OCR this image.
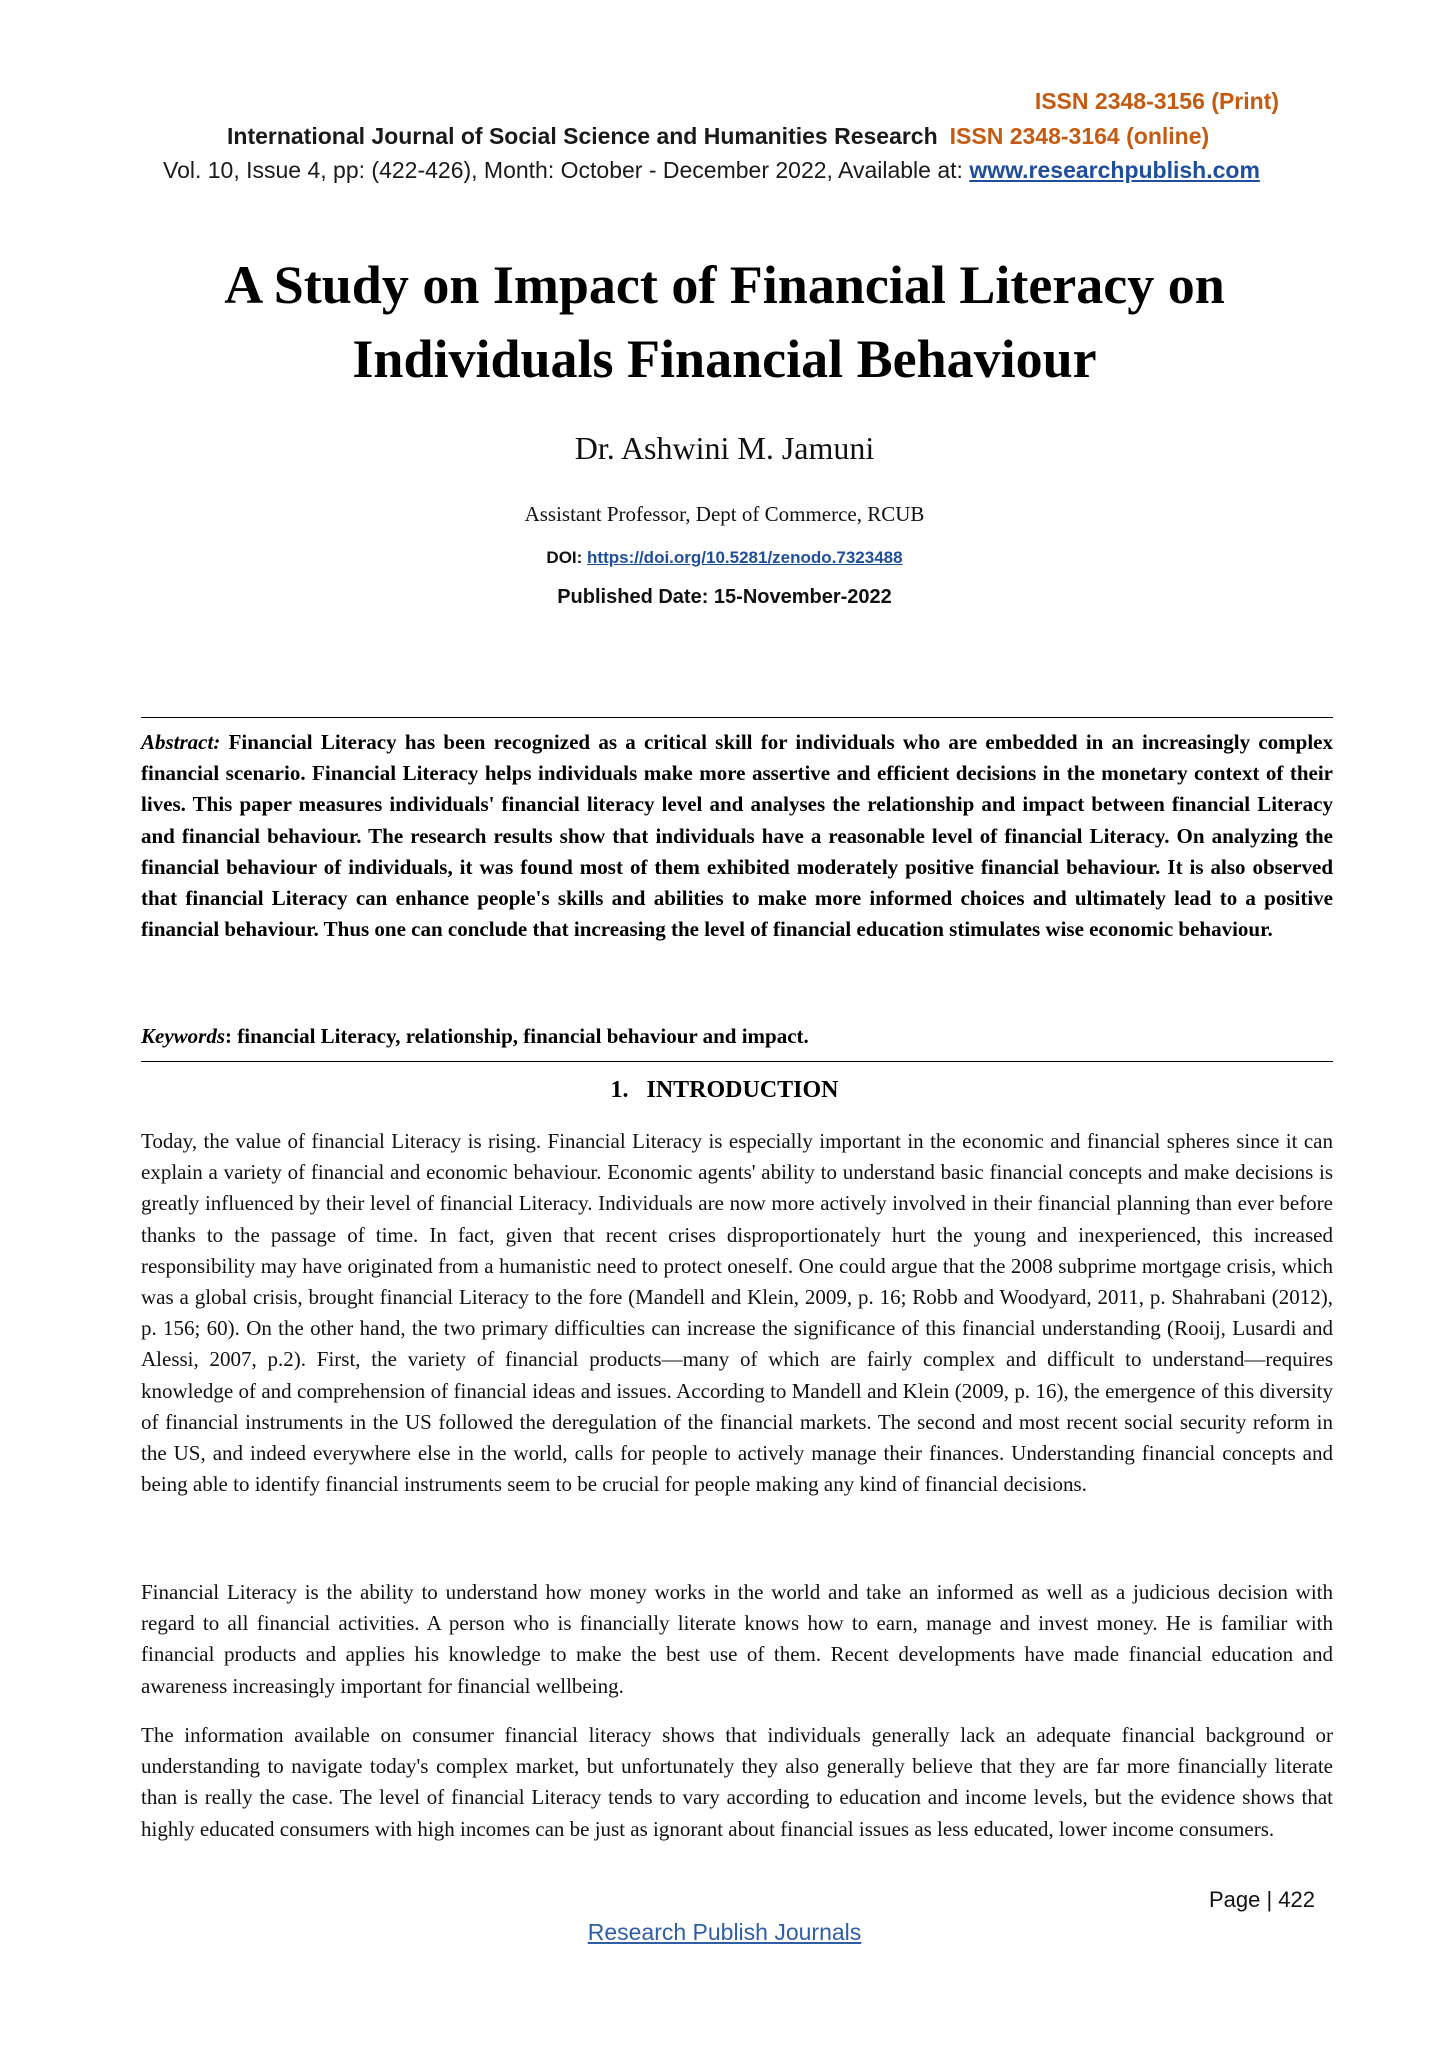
ISSN 2348-3156 (Print)
International Journal of Social Science and Humanities Research ISSN 2348-3164 (online)
Vol. 10, Issue 4, pp: (422-426), Month: October - December 2022, Available at: www.researchpublish.com
A Study on Impact of Financial Literacy on
Individuals Financial Behaviour
Dr. Ashwini M. Jamuni
Assistant Professor, Dept of Commerce, RCUB
DOI: https://doi.org/10.5281/zenodo.7323488
Published Date: 15-November-2022
Abstract: Financial Literacy has been recognized as a critical skill for individuals who are embedded in an increasingly complex financial scenario. Financial Literacy helps individuals make more assertive and efficient decisions in the monetary context of their lives. This paper measures individuals' financial literacy level and analyses the relationship and impact between financial Literacy and financial behaviour. The research results show that individuals have a reasonable level of financial Literacy. On analyzing the financial behaviour of individuals, it was found most of them exhibited moderately positive financial behaviour. It is also observed that financial Literacy can enhance people's skills and abilities to make more informed choices and ultimately lead to a positive financial behaviour. Thus one can conclude that increasing the level of financial education stimulates wise economic behaviour.
Keywords: financial Literacy, relationship, financial behaviour and impact.
1.   INTRODUCTION

Today, the value of financial Literacy is rising. Financial Literacy is especially important in the economic and financial spheres since it can explain a variety of financial and economic behaviour. Economic agents' ability to understand basic financial concepts and make decisions is greatly influenced by their level of financial Literacy. Individuals are now more actively involved in their financial planning than ever before thanks to the passage of time. In fact, given that recent crises disproportionately hurt the young and inexperienced, this increased responsibility may have originated from a humanistic need to protect oneself. One could argue that the 2008 subprime mortgage crisis, which was a global crisis, brought financial Literacy to the fore (Mandell and Klein, 2009, p. 16; Robb and Woodyard, 2011, p. Shahrabani (2012), p. 156; 60). On the other hand, the two primary difficulties can increase the significance of this financial understanding (Rooij, Lusardi and Alessi, 2007, p.2). First, the variety of financial products—many of which are fairly complex and difficult to understand—requires knowledge of and comprehension of financial ideas and issues. According to Mandell and Klein (2009, p. 16), the emergence of this diversity of financial instruments in the US followed the deregulation of the financial markets. The second and most recent social security reform in the US, and indeed everywhere else in the world, calls for people to actively manage their finances. Understanding financial concepts and being able to identify financial instruments seem to be crucial for people making any kind of financial decisions.

Financial Literacy is the ability to understand how money works in the world and take an informed as well as a judicious decision with regard to all financial activities. A person who is financially literate knows how to earn, manage and invest money. He is familiar with financial products and applies his knowledge to make the best use of them. Recent developments have made financial education and awareness increasingly important for financial wellbeing.

The information available on consumer financial literacy shows that individuals generally lack an adequate financial background or understanding to navigate today's complex market, but unfortunately they also generally believe that they are far more financially literate than is really the case. The level of financial Literacy tends to vary according to education and income levels, but the evidence shows that highly educated consumers with high incomes can be just as ignorant about financial issues as less educated, lower income consumers.

Page | 422
Research Publish Journals
